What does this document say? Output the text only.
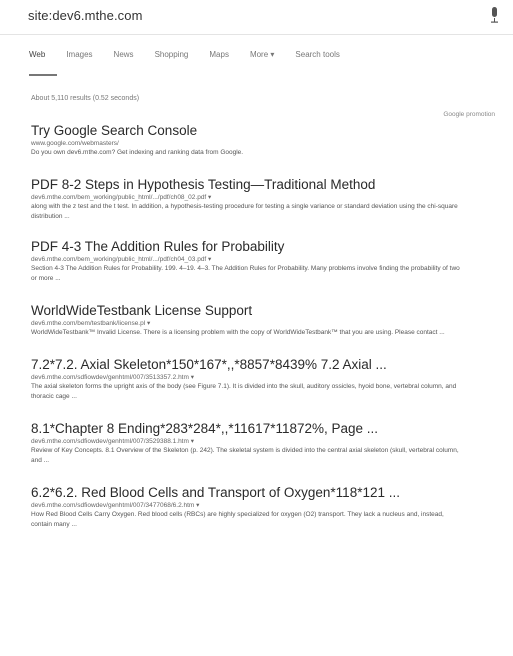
site:dev6.mthe.com
Web	Images	News	Shopping	Maps	More ▾	Search tools
About 5,110 results (0.52 seconds)
Google promotion
Try Google Search Console
www.google.com/webmasters/
Do you own dev6.mthe.com? Get indexing and ranking data from Google.
PDF 8-2 Steps in Hypothesis Testing—Traditional Method
dev6.mthe.com/bem_working/public_html/.../pdf/ch08_02.pdf ▾
along with the z test and the t test. In addition, a hypothesis-testing procedure for testing a single variance or standard deviation using the chi-square distribution ...
PDF 4-3 The Addition Rules for Probability
dev6.mthe.com/bem_working/public_html/.../pdf/ch04_03.pdf ▾
Section 4-3 The Addition Rules for Probability. 199. 4–19. 4–3. The Addition Rules for Probability. Many problems involve finding the probability of two or more ...
WorldWideTestbank License Support
dev6.mthe.com/bem/testbank/license.pl ▾
WorldWideTestbank™ Invalid License. There is a licensing problem with the copy of WorldWideTestbank™ that you are using. Please contact ...
7.2*7.2. Axial Skeleton*150*167*,,*8857*8439% 7.2 Axial ...
dev6.mthe.com/sdfiowdev/genhtml/007/3513357.2.htm ▾
The axial skeleton forms the upright axis of the body (see Figure 7.1). It is divided into the skull, auditory ossicles, hyoid bone, vertebral column, and thoracic cage ...
8.1*Chapter 8 Ending*283*284*,,*11617*11872%, Page ...
dev6.mthe.com/sdfiowdev/genhtml/007/3529388.1.htm ▾
Review of Key Concepts. 8.1 Overview of the Skeleton (p. 242). The skeletal system is divided into the central axial skeleton (skull, vertebral column, and ...
6.2*6.2. Red Blood Cells and Transport of Oxygen*118*121 ...
dev6.mthe.com/sdfiowdev/genhtml/007/3477068/6.2.htm ▾
How Red Blood Cells Carry Oxygen. Red blood cells (RBCs) are highly specialized for oxygen (O2) transport. They lack a nucleus and, instead, contain many ...
